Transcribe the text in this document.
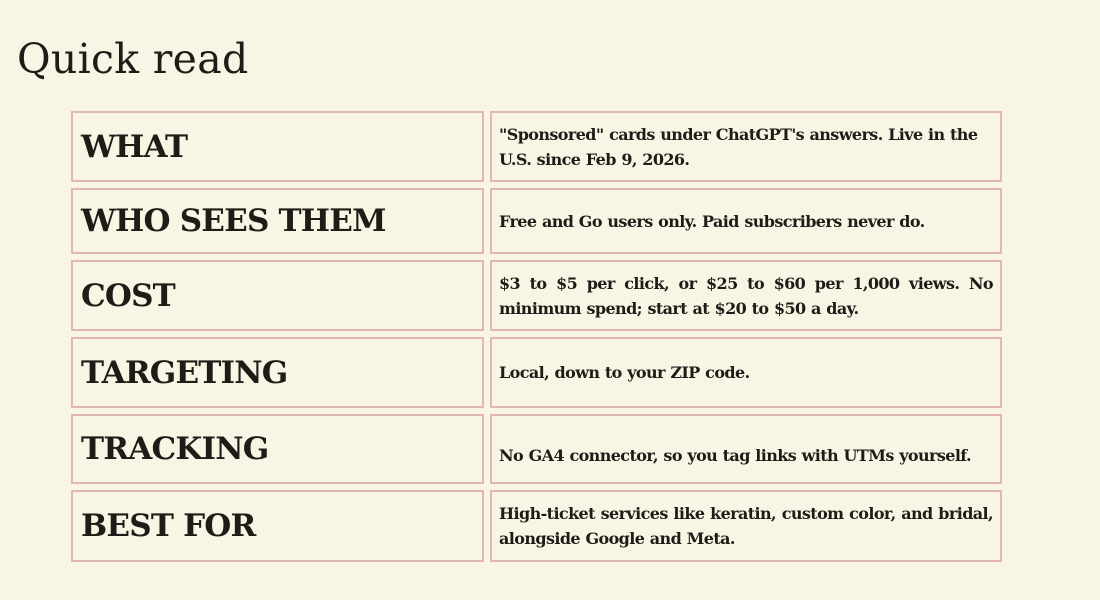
Quick read
WHAT	"Sponsored" cards under ChatGPT's answers. Live in the U.S. since Feb 9, 2026.
WHO SEES THEM	Free and Go users only. Paid subscribers never do.
COST	$3 to $5 per click, or $25 to $60 per 1,000 views. No minimum spend; start at $20 to $50 a day.
TARGETING	Local, down to your ZIP code.
TRACKING	No GA4 connector, so you tag links with UTMs yourself.
BEST FOR	High-ticket services like keratin, custom color, and bridal, alongside Google and Meta.
